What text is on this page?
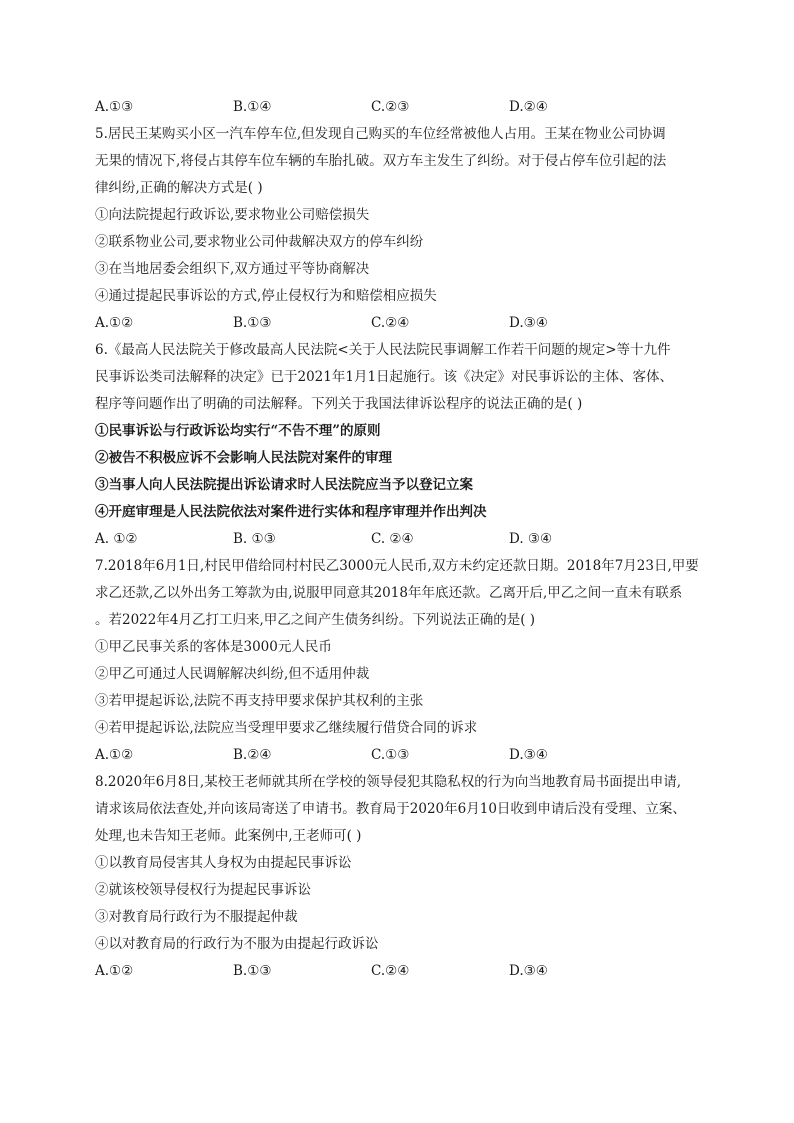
A.①③	B.①④	C.②③	D.②④
5.居民王某购买小区一汽车停车位,但发现自己购买的车位经常被他人占用。王某在物业公司协调
无果的情况下,将侵占其停车位车辆的车胎扎破。双方车主发生了纠纷。对于侵占停车位引起的法
律纠纷,正确的解决方式是( )
①向法院提起行政诉讼,要求物业公司赔偿损失
②联系物业公司,要求物业公司仲裁解决双方的停车纠纷
③在当地居委会组织下,双方通过平等协商解决
④通过提起民事诉讼的方式,停止侵权行为和赔偿相应损失
A.①②	B.①③	C.②④	D.③④
6.《最高人民法院关于修改最高人民法院<关于人民法院民事调解工作若干问题的规定>等十九件
民事诉讼类司法解释的决定》已于2021年1月1日起施行。该《决定》对民事诉讼的主体、客体、
程序等问题作出了明确的司法解释。下列关于我国法律诉讼程序的说法正确的是( )
①民事诉讼与行政诉讼均实行“不告不理”的原则
②被告不积极应诉不会影响人民法院对案件的审理
③当事人向人民法院提出诉讼请求时人民法院应当予以登记立案
④开庭审理是人民法院依法对案件进行实体和程序审理并作出判决
A. ①②	B. ①③	C. ②④	D. ③④
7.2018年6月1日,村民甲借给同村村民乙3000元人民币,双方未约定还款日期。2018年7月23日,甲要
求乙还款,乙以外出务工筹款为由,说服甲同意其2018年年底还款。乙离开后,甲乙之间一直未有联系
。若2022年4月乙打工归来,甲乙之间产生债务纠纷。下列说法正确的是( )
①甲乙民事关系的客体是3000元人民币
②甲乙可通过人民调解解决纠纷,但不适用仲裁
③若甲提起诉讼,法院不再支持甲要求保护其权利的主张
④若甲提起诉讼,法院应当受理甲要求乙继续履行借贷合同的诉求
A.①②	B.②④	C.①③	D.③④
8.2020年6月8日,某校王老师就其所在学校的领导侵犯其隐私权的行为向当地教育局书面提出申请,
请求该局依法查处,并向该局寄送了申请书。教育局于2020年6月10日收到申请后没有受理、立案、
处理,也未告知王老师。此案例中,王老师可( )
①以教育局侵害其人身权为由提起民事诉讼
②就该校领导侵权行为提起民事诉讼
③对教育局行政行为不服提起仲裁
④以对教育局的行政行为不服为由提起行政诉讼
A.①②	B.①③	C.②④	D.③④
